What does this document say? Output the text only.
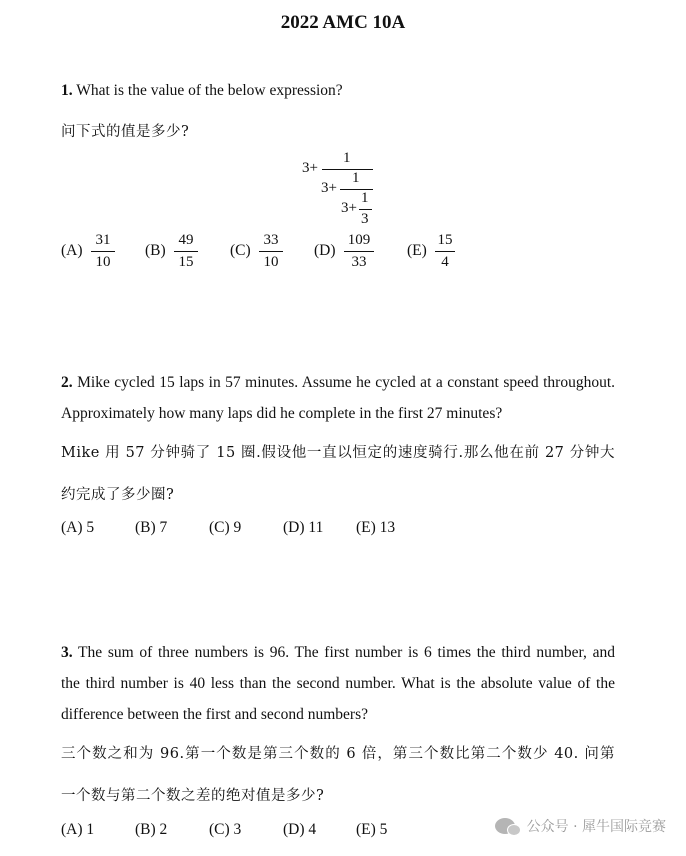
2022 AMC 10A
1. What is the value of the below expression?
问下式的值是多少?
3+
1
3+
1
3+
1
3
(A)
31
10
(B)
49
15
(C)
33
10
(D)
109
33
(E)
15
4
2. Mike cycled 15 laps in 57 minutes. Assume he cycled at a constant speed throughout.
Approximately how many laps did he complete in the first 27 minutes?
Mike 用 57 分钟骑了 15 圈.假设他一直以恒定的速度骑行.那么他在前 27 分钟大
约完成了多少圈?
(A) 5	(B) 7	(C) 9	(D) 11 (E) 13
3. The sum of three numbers is 96. The first number is 6 times the third number, and
the third number is 40 less than the second number. What is the absolute value of the
difference between the first and second numbers?
三个数之和为 96.第一个数是第三个数的 6 倍，第三个数比第二个数少 40. 问第
一个数与第二个数之差的绝对值是多少?
(A) 1	(B) 2	(C) 3	(D) 4	(E) 5	公众号 · 犀牛国际竞赛
